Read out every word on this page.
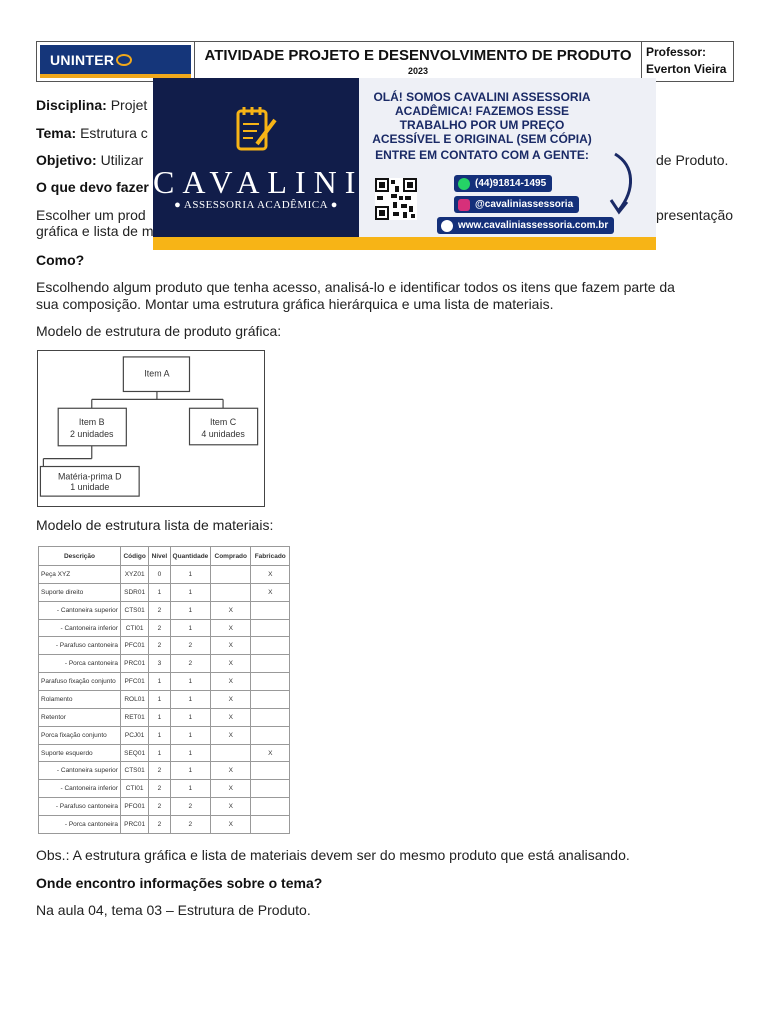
UNINTER	ATIVIDADE PROJETO E DESENVOLVIMENTO DE PRODUTO
2023
Professor:
Everton Vieira
Disciplina: Projet
Tema: Estrutura c
Objetivo: Utilizar	de Produto.
O que devo fazer
Escolher um prod	presentação
gráfica e lista de m
CAVALINI
● ASSESSORIA ACADÊMICA ●
OLÁ! SOMOS CAVALINI ASSESSORIA ACADÊMICA! FAZEMOS ESSE TRABALHO POR UM PREÇO ACESSÍVEL E ORIGINAL (SEM CÓPIA)
ENTRE EM CONTATO COM A GENTE:
(44)91814-1495
@cavaliniassessoria
www.cavaliniassessoria.com.br
Como?
Escolhendo algum produto que tenha acesso, analisá-lo e identificar todos os itens que fazem parte da
sua composição. Montar uma estrutura gráfica hierárquica e uma lista de materiais.
Modelo de estrutura de produto gráfica:
Item A
Item B
2 unidades
Item C
4 unidades
Matéria-prima D
1 unidade
Modelo de estrutura lista de materiais:
Descrição	Código	Nível	Quantidade	Comprado	Fabricado
Peça XYZ	XYZ01	0	1		X
Suporte direito	SDR01	1	1		X
- Cantoneira superior	CTS01	2	1	X	
- Cantoneira inferior	CTI01	2	1	X	
- Parafuso cantoneira	PFC01	2	2	X	
- Porca cantoneira	PRC01	3	2	X	
Parafuso fixação conjunto	PFC01	1	1	X	
Rolamento	ROL01	1	1	X	
Retentor	RET01	1	1	X	
Porca fixação conjunto	PCJ01	1	1	X	
Suporte esquerdo	SEQ01	1	1		X
- Cantoneira superior	CTS01	2	1	X	
- Cantoneira inferior	CTI01	2	1	X	
- Parafuso cantoneira	PFO01	2	2	X	
- Porca cantoneira	PRC01	2	2	X	
Obs.: A estrutura gráfica e lista de materiais devem ser do mesmo produto que está analisando.
Onde encontro informações sobre o tema?
Na aula 04, tema 03 – Estrutura de Produto.
